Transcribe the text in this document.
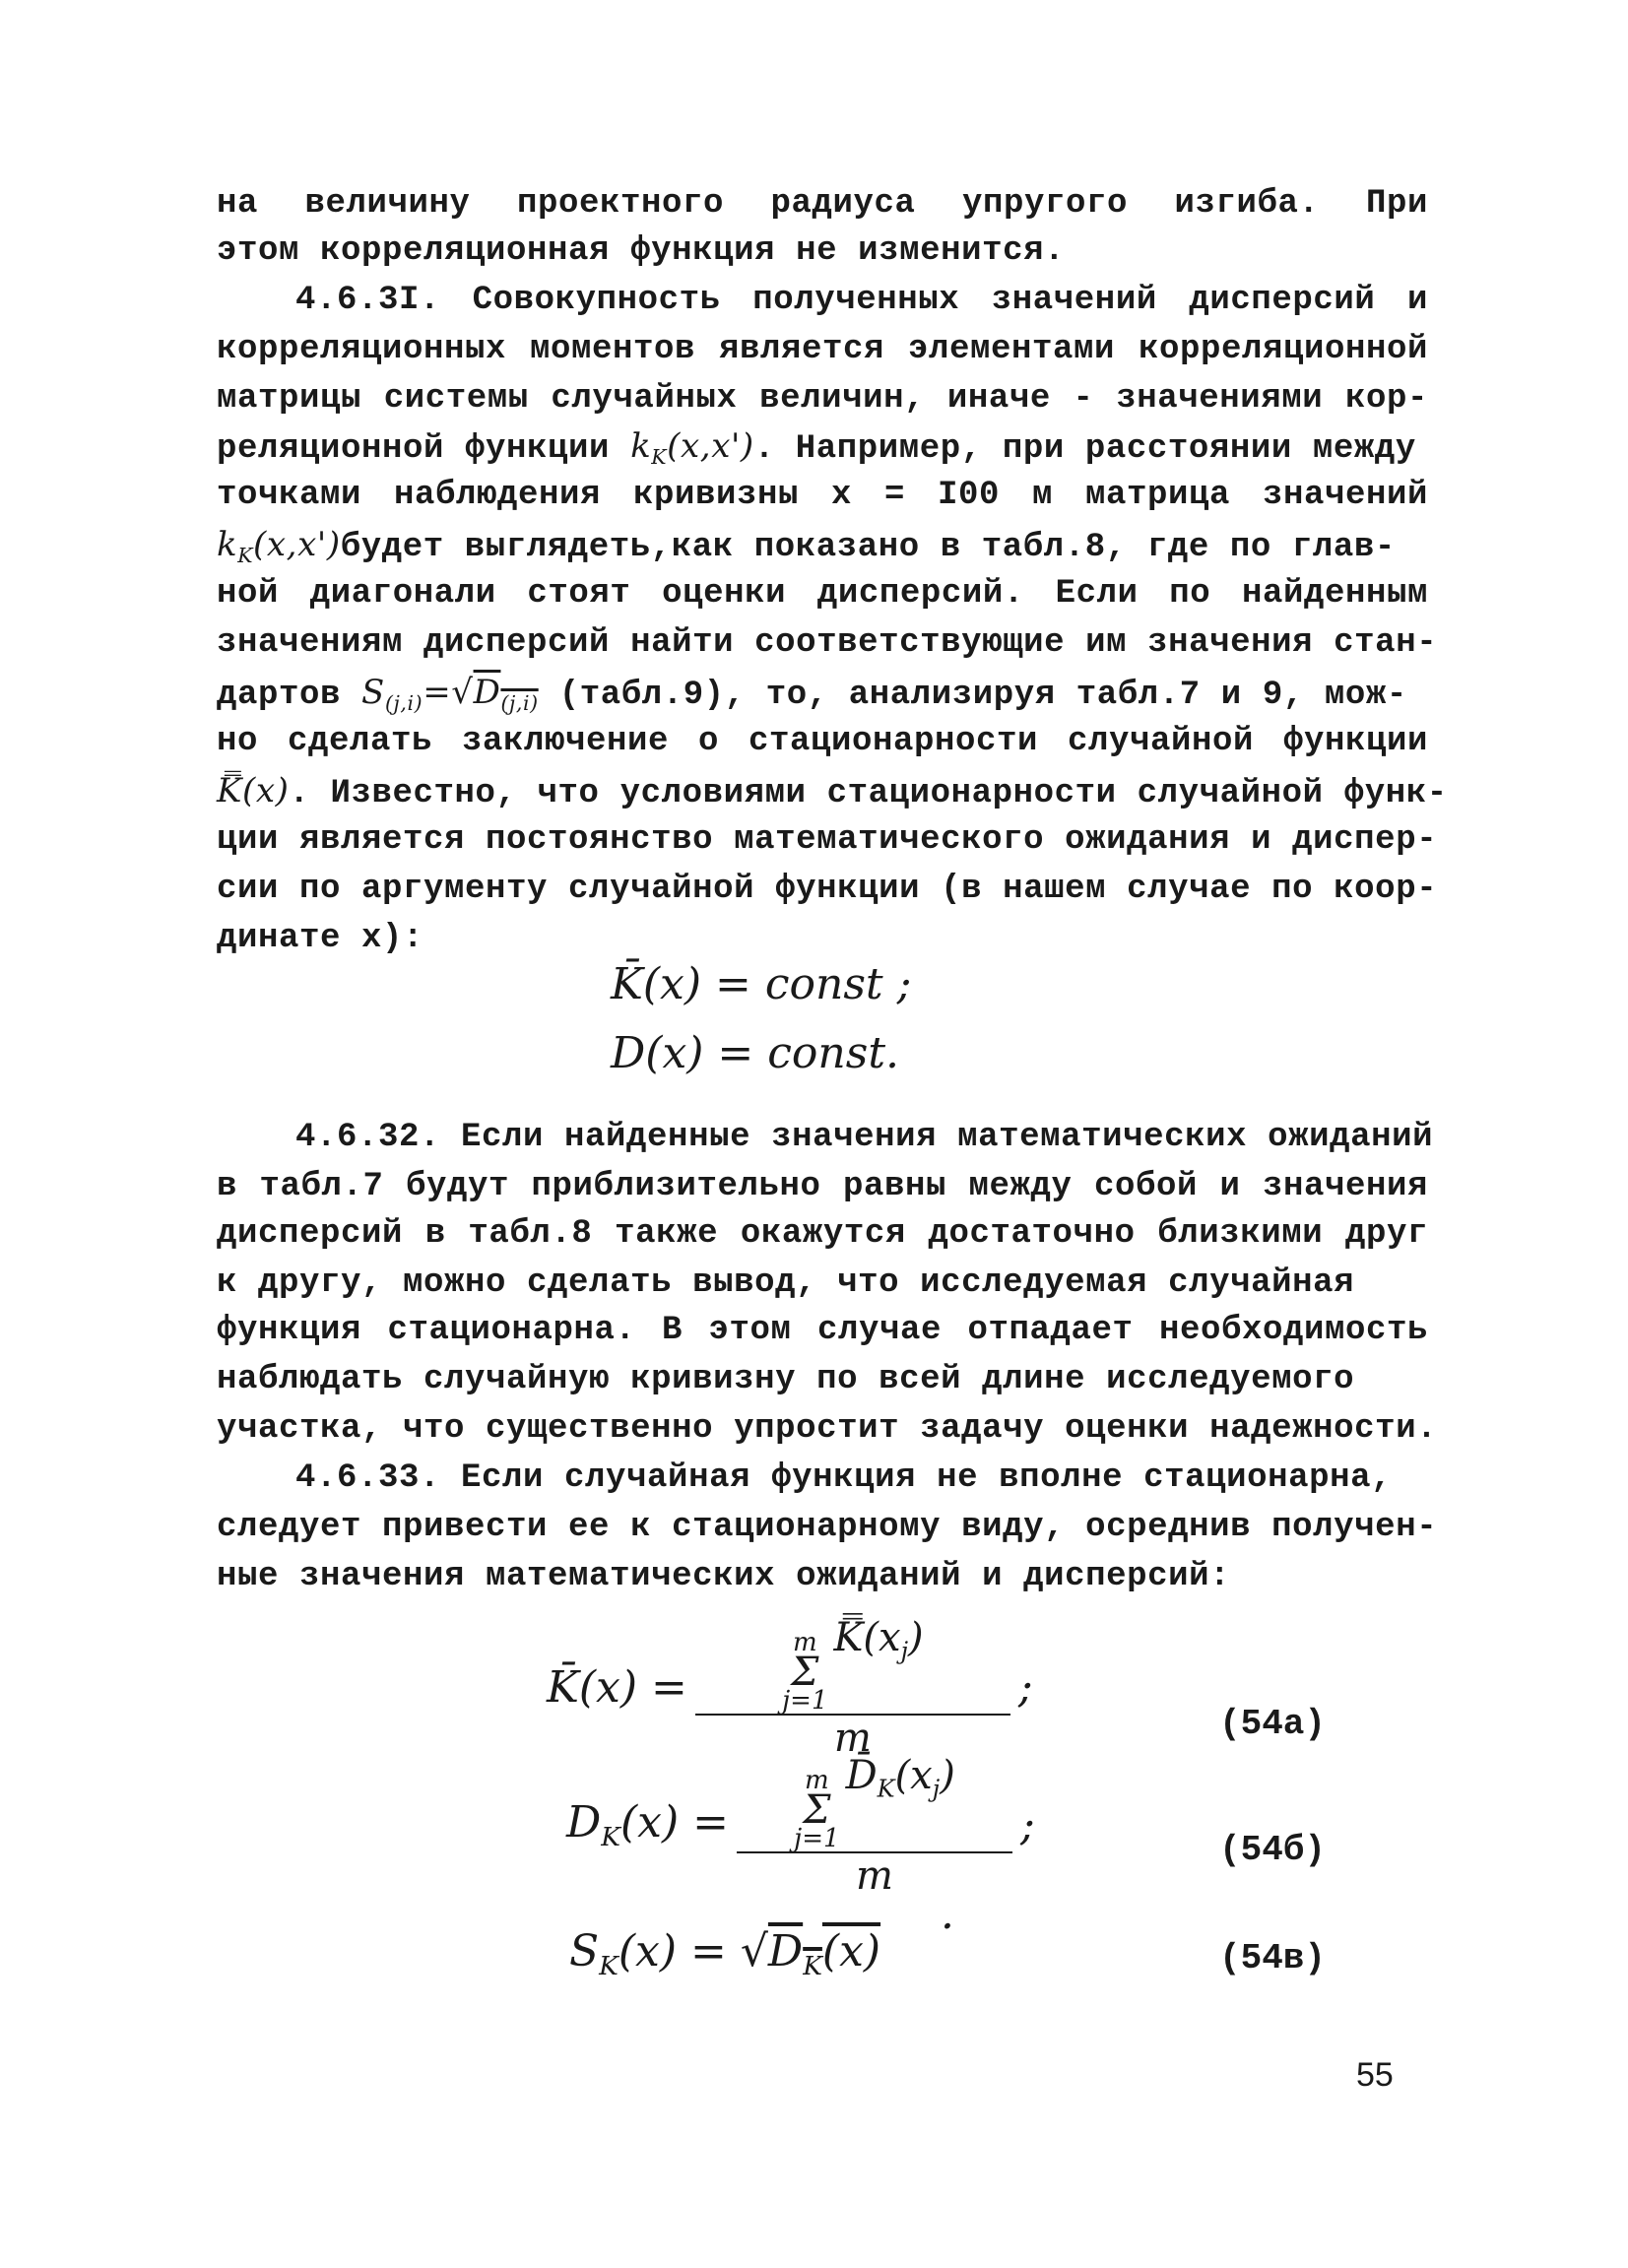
на величину проектного радиуса упругого изгиба. При
этом корреляционная функция не изменится.
4.6.3I. Совокупность полученных значений дисперсий и
корреляционных моментов является элементами корреляционной
матрицы системы случайных величин, иначе - значениями кор-
реляционной функции $k_K(x,x')$. Например, при расстоянии между
точками наблюдения кривизны x = I00 м матрица значений
$k_K(x,x')будет$ выглядеть,как показано в табл.8, где по глав-
ной диагонали стоят оценки дисперсий. Если по найденным
значениям дисперсий найти соответствующие им значения стан-
дартов $S_{(j,i)}=√D_{(j,i)}$ (табл.9), то, анализируя табл.7 и 9, мож-
но сделать заключение о стационарности случайной функции
K̿(x). Известно, что условиями стационарности случайной функ-
ции является постоянство математического ожидания и диспер-
сии по аргументу случайной функции (в нашем случае по коор-
динате x):
K̄(x) = const ;
D(x) = const.
4.6.32. Если найденные значения математических ожиданий
в табл.7 будут приблизительно равны между собой и значения
дисперсий в табл.8 также окажутся достаточно близкими друг
к другу, можно сделать вывод, что исследуемая случайная
функция стационарна. В этом случае отпадает необходимость
наблюдать случайную кривизну по всей длине исследуемого
участка, что существенно упростит задачу оценки надежности.
4.6.33. Если случайная функция не вполне стационарна,
следует привести ее к стационарному виду, осреднив получен-
ные значения математических ожиданий и дисперсий:
K̄(x) = m
Σ
j=1
$K̿(x_j)$
m ;
(54a)
$D_K(x) = m$
Σ
j=1
$D̄_K(x_j)$
m ;	(54б)
$S_K(x) = √D_K(x)$ ·
(54в)
55
